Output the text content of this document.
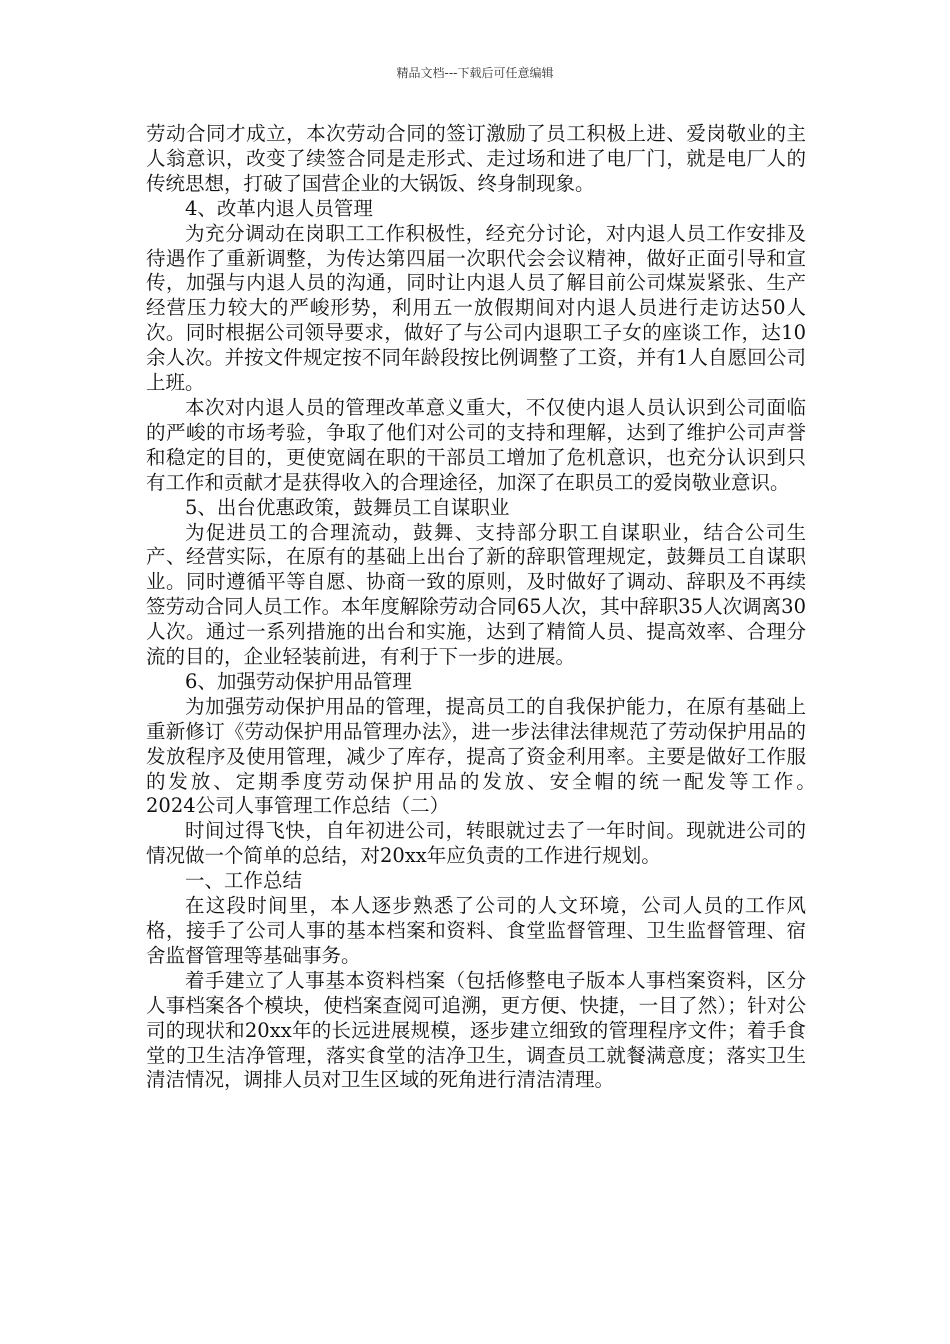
精品文档---下载后可任意编辑

劳动合同才成立，本次劳动合同的签订激励了员工积极上进、爱岗敬业的主人翁意识，改变了续签合同是走形式、走过场和进了电厂门，就是电厂人的传统思想，打破了国营企业的大锅饭、终身制现象。

4、改革内退人员管理

为充分调动在岗职工工作积极性，经充分讨论，对内退人员工作安排及待遇作了重新调整，为传达第四届一次职代会会议精神，做好正面引导和宣传，加强与内退人员的沟通，同时让内退人员了解目前公司煤炭紧张、生产经营压力较大的严峻形势，利用五一放假期间对内退人员进行走访达50人次。同时根据公司领导要求，做好了与公司内退职工子女的座谈工作，达10余人次。并按文件规定按不同年龄段按比例调整了工资，并有1人自愿回公司上班。

本次对内退人员的管理改革意义重大，不仅使内退人员认识到公司面临的严峻的市场考验，争取了他们对公司的支持和理解，达到了维护公司声誉和稳定的目的，更使宽阔在职的干部员工增加了危机意识，也充分认识到只有工作和贡献才是获得收入的合理途径，加深了在职员工的爱岗敬业意识。

5、出台优惠政策，鼓舞员工自谋职业

为促进员工的合理流动，鼓舞、支持部分职工自谋职业，结合公司生产、经营实际，在原有的基础上出台了新的辞职管理规定，鼓舞员工自谋职业。同时遵循平等自愿、协商一致的原则，及时做好了调动、辞职及不再续签劳动合同人员工作。本年度解除劳动合同65人次，其中辞职35人次调离30人次。通过一系列措施的出台和实施，达到了精简人员、提高效率、合理分流的目的，企业轻装前进，有利于下一步的进展。

6、加强劳动保护用品管理

为加强劳动保护用品的管理，提高员工的自我保护能力，在原有基础上重新修订《劳动保护用品管理办法》，进一步法律法律规范了劳动保护用品的发放程序及使用管理，减少了库存，提高了资金利用率。主要是做好工作服的发放、定期季度劳动保护用品的发放、安全帽的统一配发等工作。　　2024公司人事管理工作总结（二）

时间过得飞快，自年初进公司，转眼就过去了一年时间。现就进公司的情况做一个简单的总结，对20xx年应负责的工作进行规划。

一、工作总结

在这段时间里，本人逐步熟悉了公司的人文环境，公司人员的工作风格，接手了公司人事的基本档案和资料、食堂监督管理、卫生监督管理、宿舍监督管理等基础事务。

着手建立了人事基本资料档案（包括修整电子版本人事档案资料，区分人事档案各个模块，使档案查阅可追溯，更方便、快捷，一目了然）；针对公司的现状和20xx年的长远进展规模，逐步建立细致的管理程序文件；着手食堂的卫生洁净管理，落实食堂的洁净卫生，调查员工就餐满意度；落实卫生清洁情况，调排人员对卫生区域的死角进行清洁清理。
